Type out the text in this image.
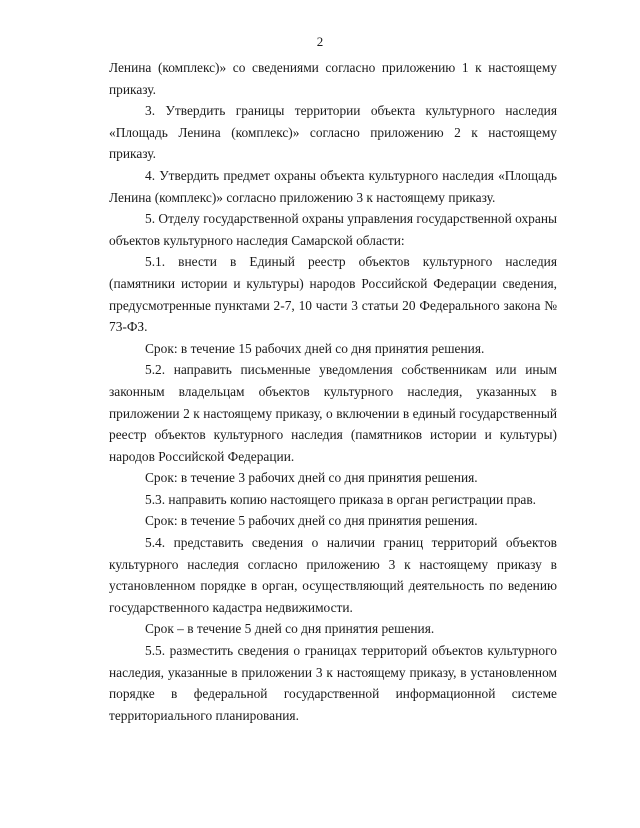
2

Ленина (комплекс)» со сведениями согласно приложению 1 к настоящему приказу.

3. Утвердить границы территории объекта культурного наследия «Площадь Ленина (комплекс)» согласно приложению 2 к настоящему приказу.

4. Утвердить предмет охраны объекта культурного наследия «Площадь Ленина (комплекс)» согласно приложению 3 к настоящему приказу.

5. Отделу государственной охраны управления государственной охраны объектов культурного наследия Самарской области:

5.1. внести в Единый реестр объектов культурного наследия (памятники истории и культуры) народов Российской Федерации сведения, предусмотренные пунктами 2-7, 10 части 3 статьи 20 Федерального закона № 73-ФЗ.

Срок: в течение 15 рабочих дней со дня принятия решения.

5.2. направить письменные уведомления собственникам или иным законным владельцам объектов культурного наследия, указанных в приложении 2 к настоящему приказу, о включении в единый государственный реестр объектов культурного наследия (памятников истории и культуры) народов Российской Федерации.

Срок: в течение 3 рабочих дней со дня принятия решения.

5.3. направить копию настоящего приказа в орган регистрации прав.

Срок: в течение 5 рабочих дней со дня принятия решения.

5.4. представить сведения о наличии границ территорий объектов культурного наследия согласно приложению 3 к настоящему приказу в установленном порядке в орган, осуществляющий деятельность по ведению государственного кадастра недвижимости.

Срок – в течение 5 дней со дня принятия решения.

5.5. разместить сведения о границах территорий объектов культурного наследия, указанные в приложении 3 к настоящему приказу, в установленном порядке в федеральной государственной информационной системе территориального планирования.
